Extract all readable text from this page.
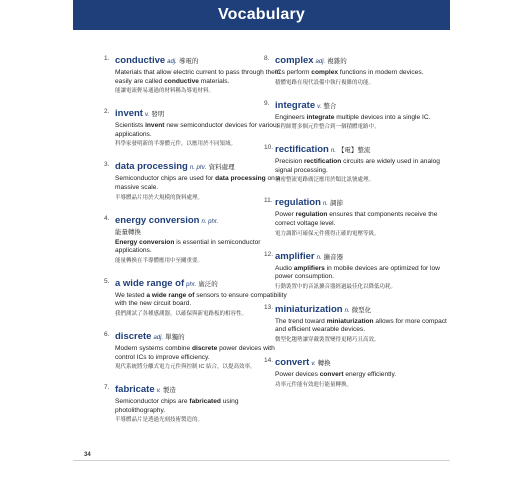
Vocabulary
1. conductive adj. 導電的
Materials that allow electric current to pass through them easily are called conductive materials.
能讓電流輕易通過的材料稱為導電材料。
2. invent v. 發明
Scientists invent new semiconductor devices for various applications.
科學家發明新的半導體元件，以應用於不同領域。
3. data processing n. phr. 資料處理
Semiconductor chips are used for data processing on a massive scale.
半導體晶片用於大規模的資料處理。
4. energy conversion n. phr.
能量轉換
Energy conversion is essential in semiconductor applications.
能量轉換在半導體應用中至關重要。
5. a wide range of phr. 廣泛的
We tested a wide range of sensors to ensure compatibility with the new circuit board.
我們測試了各種感測器，以確保與新電路板的相容性。
6. discrete adj. 單獨的
Modern systems combine discrete power devices with control ICs to improve efficiency.
現代系統將分離式電力元件與控制 IC 結合，以提高效率。
7. fabricate v. 製造
Semiconductor chips are fabricated using photolithography.
半導體晶片是透過光刻技術製造的。
8. complex adj. 複雜的
ICs perform complex functions in modern devices.
積體電路在現代設備中執行複雜的功能。
9. integrate v. 整合
Engineers integrate multiple devices into a single IC.
工程師將多個元件整合到一個積體電路中。
10. rectification n. 【電】整流
Precision rectification circuits are widely used in analog signal processing.
精密整流電路廣泛應用於類比訊號處理。
11. regulation n. 調節
Power regulation ensures that components receive the correct voltage level.
電力調節可確保元件獲得正確的電壓等級。
12. amplifier n. 擴音器
Audio amplifiers in mobile devices are optimized for low power consumption.
行動裝置中的音訊擴音器經過最佳化以降低功耗。
13. miniaturization n. 微型化
The trend toward miniaturization allows for more compact and efficient wearable devices.
微型化趨勢讓穿戴裝置變得更精巧且高效。
14. convert v. 轉換
Power devices convert energy efficiently.
功率元件能有效進行能量轉換。
34
